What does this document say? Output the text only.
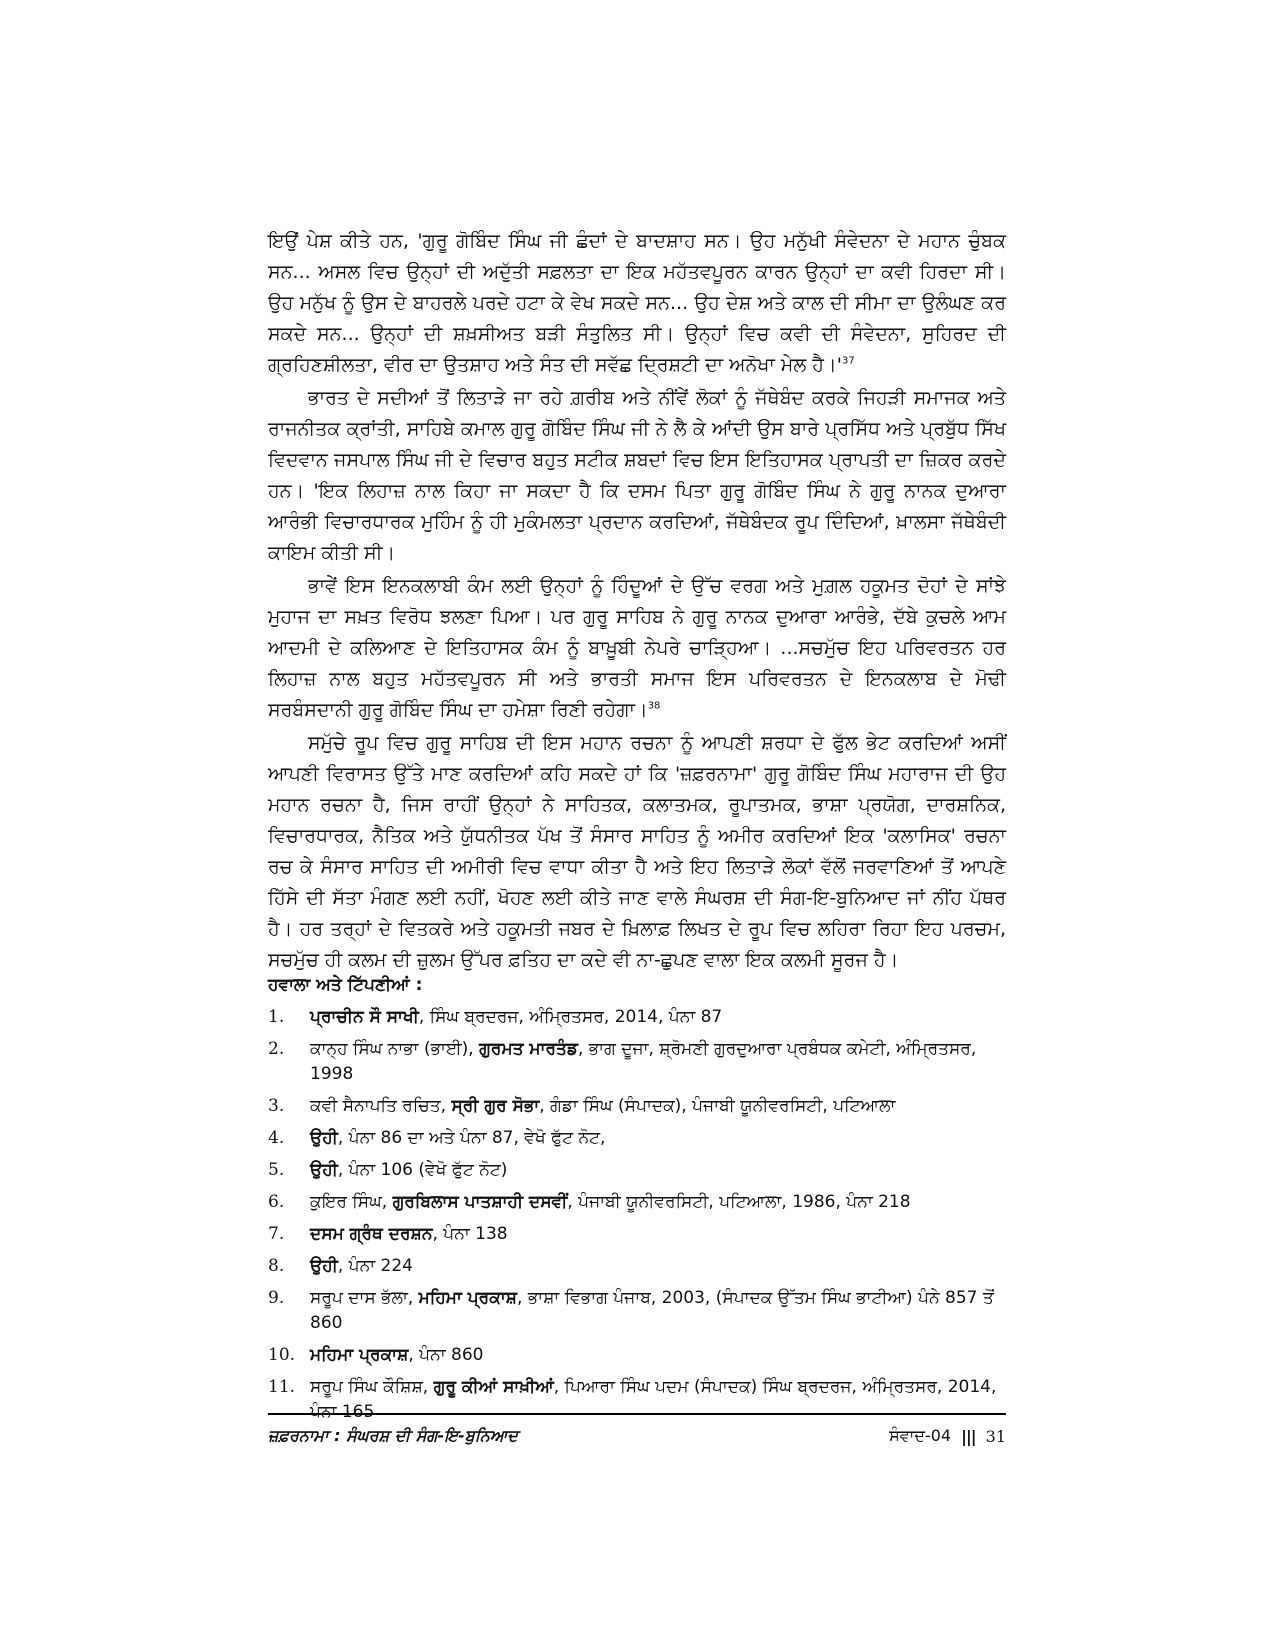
ਇਉਂ ਪੇਸ਼ ਕੀਤੇ ਹਨ, 'ਗੁਰੂ ਗੋਬਿੰਦ ਸਿੰਘ ਜੀ ਛੰਦਾਂ ਦੇ ਬਾਦਸ਼ਾਹ ਸਨ। ਉਹ ਮਨੁੱਖੀ ਸੰਵੇਦਨਾ ਦੇ ਮਹਾਨ ਚੁੰਬਕ ਸਨ... ਅਸਲ ਵਿਚ ਉਨ੍ਹਾਂ ਦੀ ਅਦੁੱਤੀ ਸਫ਼ਲਤਾ ਦਾ ਇਕ ਮਹੱਤਵਪੂਰਨ ਕਾਰਨ ਉਨ੍ਹਾਂ ਦਾ ਕਵੀ ਹਿਰਦਾ ਸੀ। ਉਹ ਮਨੁੱਖ ਨੂੰ ਉਸ ਦੇ ਬਾਹਰਲੇ ਪਰਦੇ ਹਟਾ ਕੇ ਵੇਖ ਸਕਦੇ ਸਨ... ਉਹ ਦੇਸ਼ ਅਤੇ ਕਾਲ ਦੀ ਸੀਮਾ ਦਾ ਉਲੰਘਣ ਕਰ ਸਕਦੇ ਸਨ... ਉਨ੍ਹਾਂ ਦੀ ਸ਼ਖ਼ਸੀਅਤ ਬੜੀ ਸੰਤੁਲਿਤ ਸੀ। ਉਨ੍ਹਾਂ ਵਿਚ ਕਵੀ ਦੀ ਸੰਵੇਦਨਾ, ਸੁਹਿਰਦ ਦੀ ਗ੍ਰਹਿਣਸ਼ੀਲਤਾ, ਵੀਰ ਦਾ ਉਤਸ਼ਾਹ ਅਤੇ ਸੰਤ ਦੀ ਸਵੱਛ ਦ੍ਰਿਸ਼ਟੀ ਦਾ ਅਨੋਖਾ ਮੇਲ $ਹੈ।'^{37}$

ਭਾਰਤ ਦੇ ਸਦੀਆਂ ਤੋਂ ਲਿਤਾੜੇ ਜਾ ਰਹੇ ਗ਼ਰੀਬ ਅਤੇ ਨੀਂਵੇਂ ਲੋਕਾਂ ਨੂੰ ਜੱਥੇਬੰਦ ਕਰਕੇ ਜਿਹੜੀ ਸਮਾਜਕ ਅਤੇ ਰਾਜਨੀਤਕ ਕ੍ਰਾਂਤੀ, ਸਾਹਿਬੇ ਕਮਾਲ ਗੁਰੂ ਗੋਬਿੰਦ ਸਿੰਘ ਜੀ ਨੇ ਲੈ ਕੇ ਆਂਦੀ ਉਸ ਬਾਰੇ ਪ੍ਰਸਿੱਧ ਅਤੇ ਪ੍ਰਬੁੱਧ ਸਿੱਖ ਵਿਦਵਾਨ ਜਸਪਾਲ ਸਿੰਘ ਜੀ ਦੇ ਵਿਚਾਰ ਬਹੁਤ ਸਟੀਕ ਸ਼ਬਦਾਂ ਵਿਚ ਇਸ ਇਤਿਹਾਸਕ ਪ੍ਰਾਪਤੀ ਦਾ ਜ਼ਿਕਰ ਕਰਦੇ ਹਨ। 'ਇਕ ਲਿਹਾਜ਼ ਨਾਲ ਕਿਹਾ ਜਾ ਸਕਦਾ ਹੈ ਕਿ ਦਸਮ ਪਿਤਾ ਗੁਰੂ ਗੋਬਿੰਦ ਸਿੰਘ ਨੇ ਗੁਰੂ ਨਾਨਕ ਦੁਆਰਾ ਆਰੰਭੀ ਵਿਚਾਰਧਾਰਕ ਮੁਹਿੰਮ ਨੂੰ ਹੀ ਮੁਕੰਮਲਤਾ ਪ੍ਰਦਾਨ ਕਰਦਿਆਂ, ਜੱਥੇਬੰਦਕ ਰੂਪ ਦਿੰਦਿਆਂ, ਖ਼ਾਲਸਾ ਜੱਥੇਬੰਦੀ ਕਾਇਮ ਕੀਤੀ ਸੀ।

ਭਾਵੇਂ ਇਸ ਇਨਕਲਾਬੀ ਕੰਮ ਲਈ ਉਨ੍ਹਾਂ ਨੂੰ ਹਿੰਦੂਆਂ ਦੇ ਉੱਚ ਵਰਗ ਅਤੇ ਮੁਗ਼ਲ ਹਕੂਮਤ ਦੋਹਾਂ ਦੇ ਸਾਂਝੇ ਮੁਹਾਜ ਦਾ ਸਖ਼ਤ ਵਿਰੋਧ ਝਲਣਾ ਪਿਆ। ਪਰ ਗੁਰੂ ਸਾਹਿਬ ਨੇ ਗੁਰੂ ਨਾਨਕ ਦੁਆਰਾ ਆਰੰਭੇ, ਦੱਬੇ ਕੁਚਲੇ ਆਮ ਆਦਮੀ ਦੇ ਕਲਿਆਣ ਦੇ ਇਤਿਹਾਸਕ ਕੰਮ ਨੂੰ ਬਾਖ਼ੂਬੀ ਨੇਪਰੇ ਚਾੜ੍ਹਿਆ। ...ਸਚਮੁੱਚ ਇਹ ਪਰਿਵਰਤਨ ਹਰ ਲਿਹਾਜ਼ ਨਾਲ ਬਹੁਤ ਮਹੱਤਵਪੂਰਨ ਸੀ ਅਤੇ ਭਾਰਤੀ ਸਮਾਜ ਇਸ ਪਰਿਵਰਤਨ ਦੇ ਇਨਕਲਾਬ ਦੇ ਮੋਢੀ ਸਰਬੰਸਦਾਨੀ ਗੁਰੂ ਗੋਬਿੰਦ ਸਿੰਘ ਦਾ ਹਮੇਸ਼ਾ ਰਿਣੀ ਰਹੇਗਾ।$^{38}$

ਸਮੁੱਚੇ ਰੂਪ ਵਿਚ ਗੁਰੂ ਸਾਹਿਬ ਦੀ ਇਸ ਮਹਾਨ ਰਚਨਾ ਨੂੰ ਆਪਣੀ ਸ਼ਰਧਾ ਦੇ ਫੁੱਲ ਭੇਟ ਕਰਦਿਆਂ ਅਸੀਂ ਆਪਣੀ ਵਿਰਾਸਤ ਉੱਤੇ ਮਾਣ ਕਰਦਿਆਂ ਕਹਿ ਸਕਦੇ ਹਾਂ ਕਿ 'ਜ਼ਫ਼ਰਨਾਮਾ' ਗੁਰੂ ਗੋਬਿੰਦ ਸਿੰਘ ਮਹਾਰਾਜ ਦੀ ਉਹ ਮਹਾਨ ਰਚਨਾ ਹੈ, ਜਿਸ ਰਾਹੀਂ ਉਨ੍ਹਾਂ ਨੇ ਸਾਹਿਤਕ, ਕਲਾਤਮਕ, ਰੂਪਾਤਮਕ, ਭਾਸ਼ਾ ਪ੍ਰਯੋਗ, ਦਾਰਸ਼ਨਿਕ, ਵਿਚਾਰਧਾਰਕ, ਨੈਤਿਕ ਅਤੇ ਯੁੱਧਨੀਤਕ ਪੱਖ ਤੋਂ ਸੰਸਾਰ ਸਾਹਿਤ ਨੂੰ ਅਮੀਰ ਕਰਦਿਆਂ ਇਕ 'ਕਲਾਸਿਕ' ਰਚਨਾ ਰਚ ਕੇ ਸੰਸਾਰ ਸਾਹਿਤ ਦੀ ਅਮੀਰੀ ਵਿਚ ਵਾਧਾ ਕੀਤਾ ਹੈ ਅਤੇ ਇਹ ਲਿਤਾੜੇ ਲੋਕਾਂ ਵੱਲੋਂ ਜਰਵਾਣਿਆਂ ਤੋਂ ਆਪਣੇ ਹਿੱਸੇ ਦੀ ਸੱਤਾ ਮੰਗਣ ਲਈ ਨਹੀਂ, ਖੋਹਣ ਲਈ ਕੀਤੇ ਜਾਣ ਵਾਲੇ ਸੰਘਰਸ਼ ਦੀ ਸੰਗ-ਇ-ਬੁਨਿਆਦ ਜਾਂ ਨੀਂਹ ਪੱਥਰ ਹੈ। ਹਰ ਤਰ੍ਹਾਂ ਦੇ ਵਿਤਕਰੇ ਅਤੇ ਹਕੂਮਤੀ ਜਬਰ ਦੇ ਖ਼ਿਲਾਫ਼ ਲਿਖਤ ਦੇ ਰੂਪ ਵਿਚ ਲਹਿਰਾ ਰਿਹਾ ਇਹ ਪਰਚਮ, ਸਚਮੁੱਚ ਹੀ ਕਲਮ ਦੀ ਜ਼ੁਲਮ ਉੱਪਰ ਫ਼ਤਿਹ ਦਾ ਕਦੇ ਵੀ ਨਾ-ਛੁਪਣ ਵਾਲਾ ਇਕ ਕਲਮੀ ਸੂਰਜ ਹੈ।

ਹਵਾਲਾ ਅਤੇ ਟਿੱਪਣੀਆਂ :
1.	ਪ੍ਰਾਚੀਨ ਸੌ ਸਾਖੀ, ਸਿੰਘ ਬ੍ਰਦਰਜ, ਅੰਮ੍ਰਿਤਸਰ, 2014, ਪੰਨਾ 87
2.	ਕਾਨ੍ਹ ਸਿੰਘ ਨਾਭਾ (ਭਾਈ), ਗੁਰਮਤ ਮਾਰਤੰਡ, ਭਾਗ ਦੂਜਾ, ਸ਼੍ਰੋਮਣੀ ਗੁਰਦੁਆਰਾ ਪ੍ਰਬੰਧਕ ਕਮੇਟੀ, ਅੰਮ੍ਰਿਤਸਰ, 1998
3.	ਕਵੀ ਸੈਨਾਪਤਿ ਰਚਿਤ, ਸ੍ਰੀ ਗੁਰ ਸੋਭਾ, ਗੰਡਾ ਸਿੰਘ (ਸੰਪਾਦਕ), ਪੰਜਾਬੀ ਯੂਨੀਵਰਸਿਟੀ, ਪਟਿਆਲਾ
4.	ਉਹੀ, ਪੰਨਾ 86 ਦਾ ਅਤੇ ਪੰਨਾ 87, ਵੇਖੋ ਫੁੱਟ ਨੋਟ,
5.	ਉਹੀ, ਪੰਨਾ 106 (ਵੇਖੋ ਫੁੱਟ ਨੋਟ)
6.	ਕੁਇਰ ਸਿੰਘ, ਗੁਰਬਿਲਾਸ ਪਾਤਸ਼ਾਹੀ ਦਸਵੀਂ, ਪੰਜਾਬੀ ਯੂਨੀਵਰਸਿਟੀ, ਪਟਿਆਲਾ, 1986, ਪੰਨਾ 218
7.	ਦਸਮ ਗ੍ਰੰਥ ਦਰਸ਼ਨ, ਪੰਨਾ 138
8.	ਉਹੀ, ਪੰਨਾ 224
9.	ਸਰੂਪ ਦਾਸ ਭੱਲਾ, ਮਹਿਮਾ ਪ੍ਰਕਾਸ਼, ਭਾਸ਼ਾ ਵਿਭਾਗ ਪੰਜਾਬ, 2003, (ਸੰਪਾਦਕ ਉੱਤਮ ਸਿੰਘ ਭਾਟੀਆ) ਪੰਨੇ 857 ਤੋਂ 860
10. ਮਹਿਮਾ ਪ੍ਰਕਾਸ਼, ਪੰਨਾ 860
11. ਸਰੂਪ ਸਿੰਘ ਕੌਸ਼ਿਸ਼, ਗੁਰੂ ਕੀਆਂ ਸਾਖ਼ੀਆਂ, ਪਿਆਰਾ ਸਿੰਘ ਪਦਮ (ਸੰਪਾਦਕ) ਸਿੰਘ ਬ੍ਰਦਰਜ, ਅੰਮ੍ਰਿਤਸਰ, 2014, ਪੰਨਾ 165
ਜ਼ਫ਼ਰਨਾਮਾ : ਸੰਘਰਸ਼ ਦੀ ਸੰਗ-ਇ-ਬੁਨਿਆਦ	ਸੰਵਾਦ-04 ||| 31
